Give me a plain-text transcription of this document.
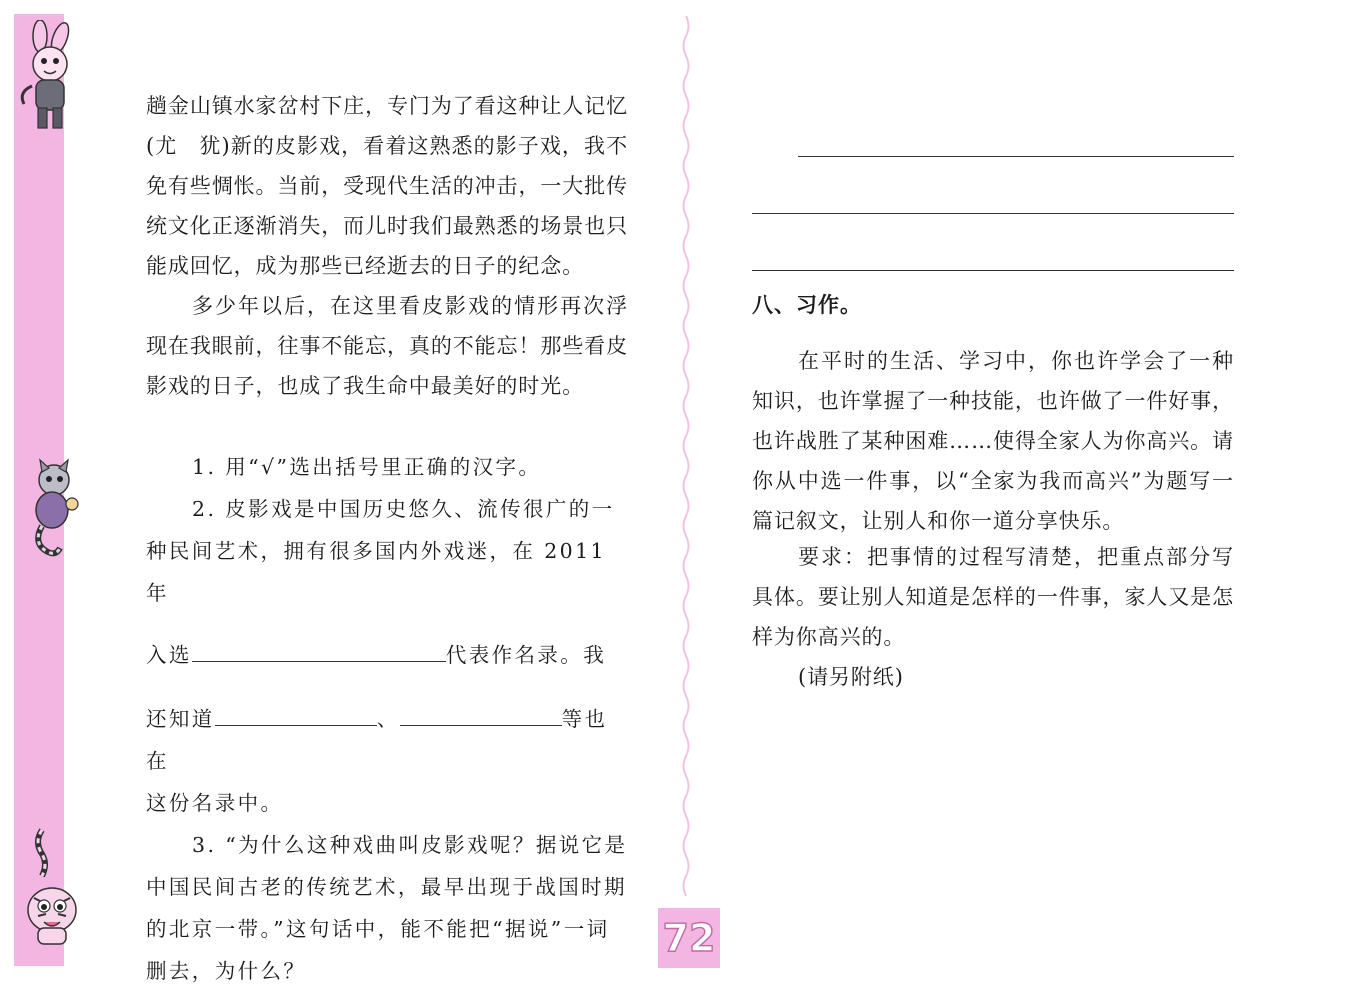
趟金山镇水家岔村下庄，专门为了看这种让人记忆(尤　犹)新的皮影戏，看着这熟悉的影子戏，我不免有些惆怅。当前，受现代生活的冲击，一大批传统文化正逐渐消失，而儿时我们最熟悉的场景也只能成回忆，成为那些已经逝去的日子的纪念。

多少年以后，在这里看皮影戏的情形再次浮现在我眼前，往事不能忘，真的不能忘！那些看皮影戏的日子，也成了我生命中最美好的时光。

1. 用“√”选出括号里正确的汉字。

2. 皮影戏是中国历史悠久、流传很广的一

种民间艺术，拥有很多国内外戏迷，在 2011 年

入选	代表作名录。我

还知道	、	等也在

这份名录中。

3. “为什么这种戏曲叫皮影戏呢？据说它是中国民间古老的传统艺术，最早出现于战国时期的北京一带。”这句话中，能不能把“据说”一词删去，为什么？

八、习作。

在平时的生活、学习中，你也许学会了一种知识，也许掌握了一种技能，也许做了一件好事，也许战胜了某种困难……使得全家人为你高兴。请你从中选一件事，以“全家为我而高兴”为题写一篇记叙文，让别人和你一道分享快乐。

要求：把事情的过程写清楚，把重点部分写具体。要让别人知道是怎样的一件事，家人又是怎样为你高兴的。

(请另附纸)

72
